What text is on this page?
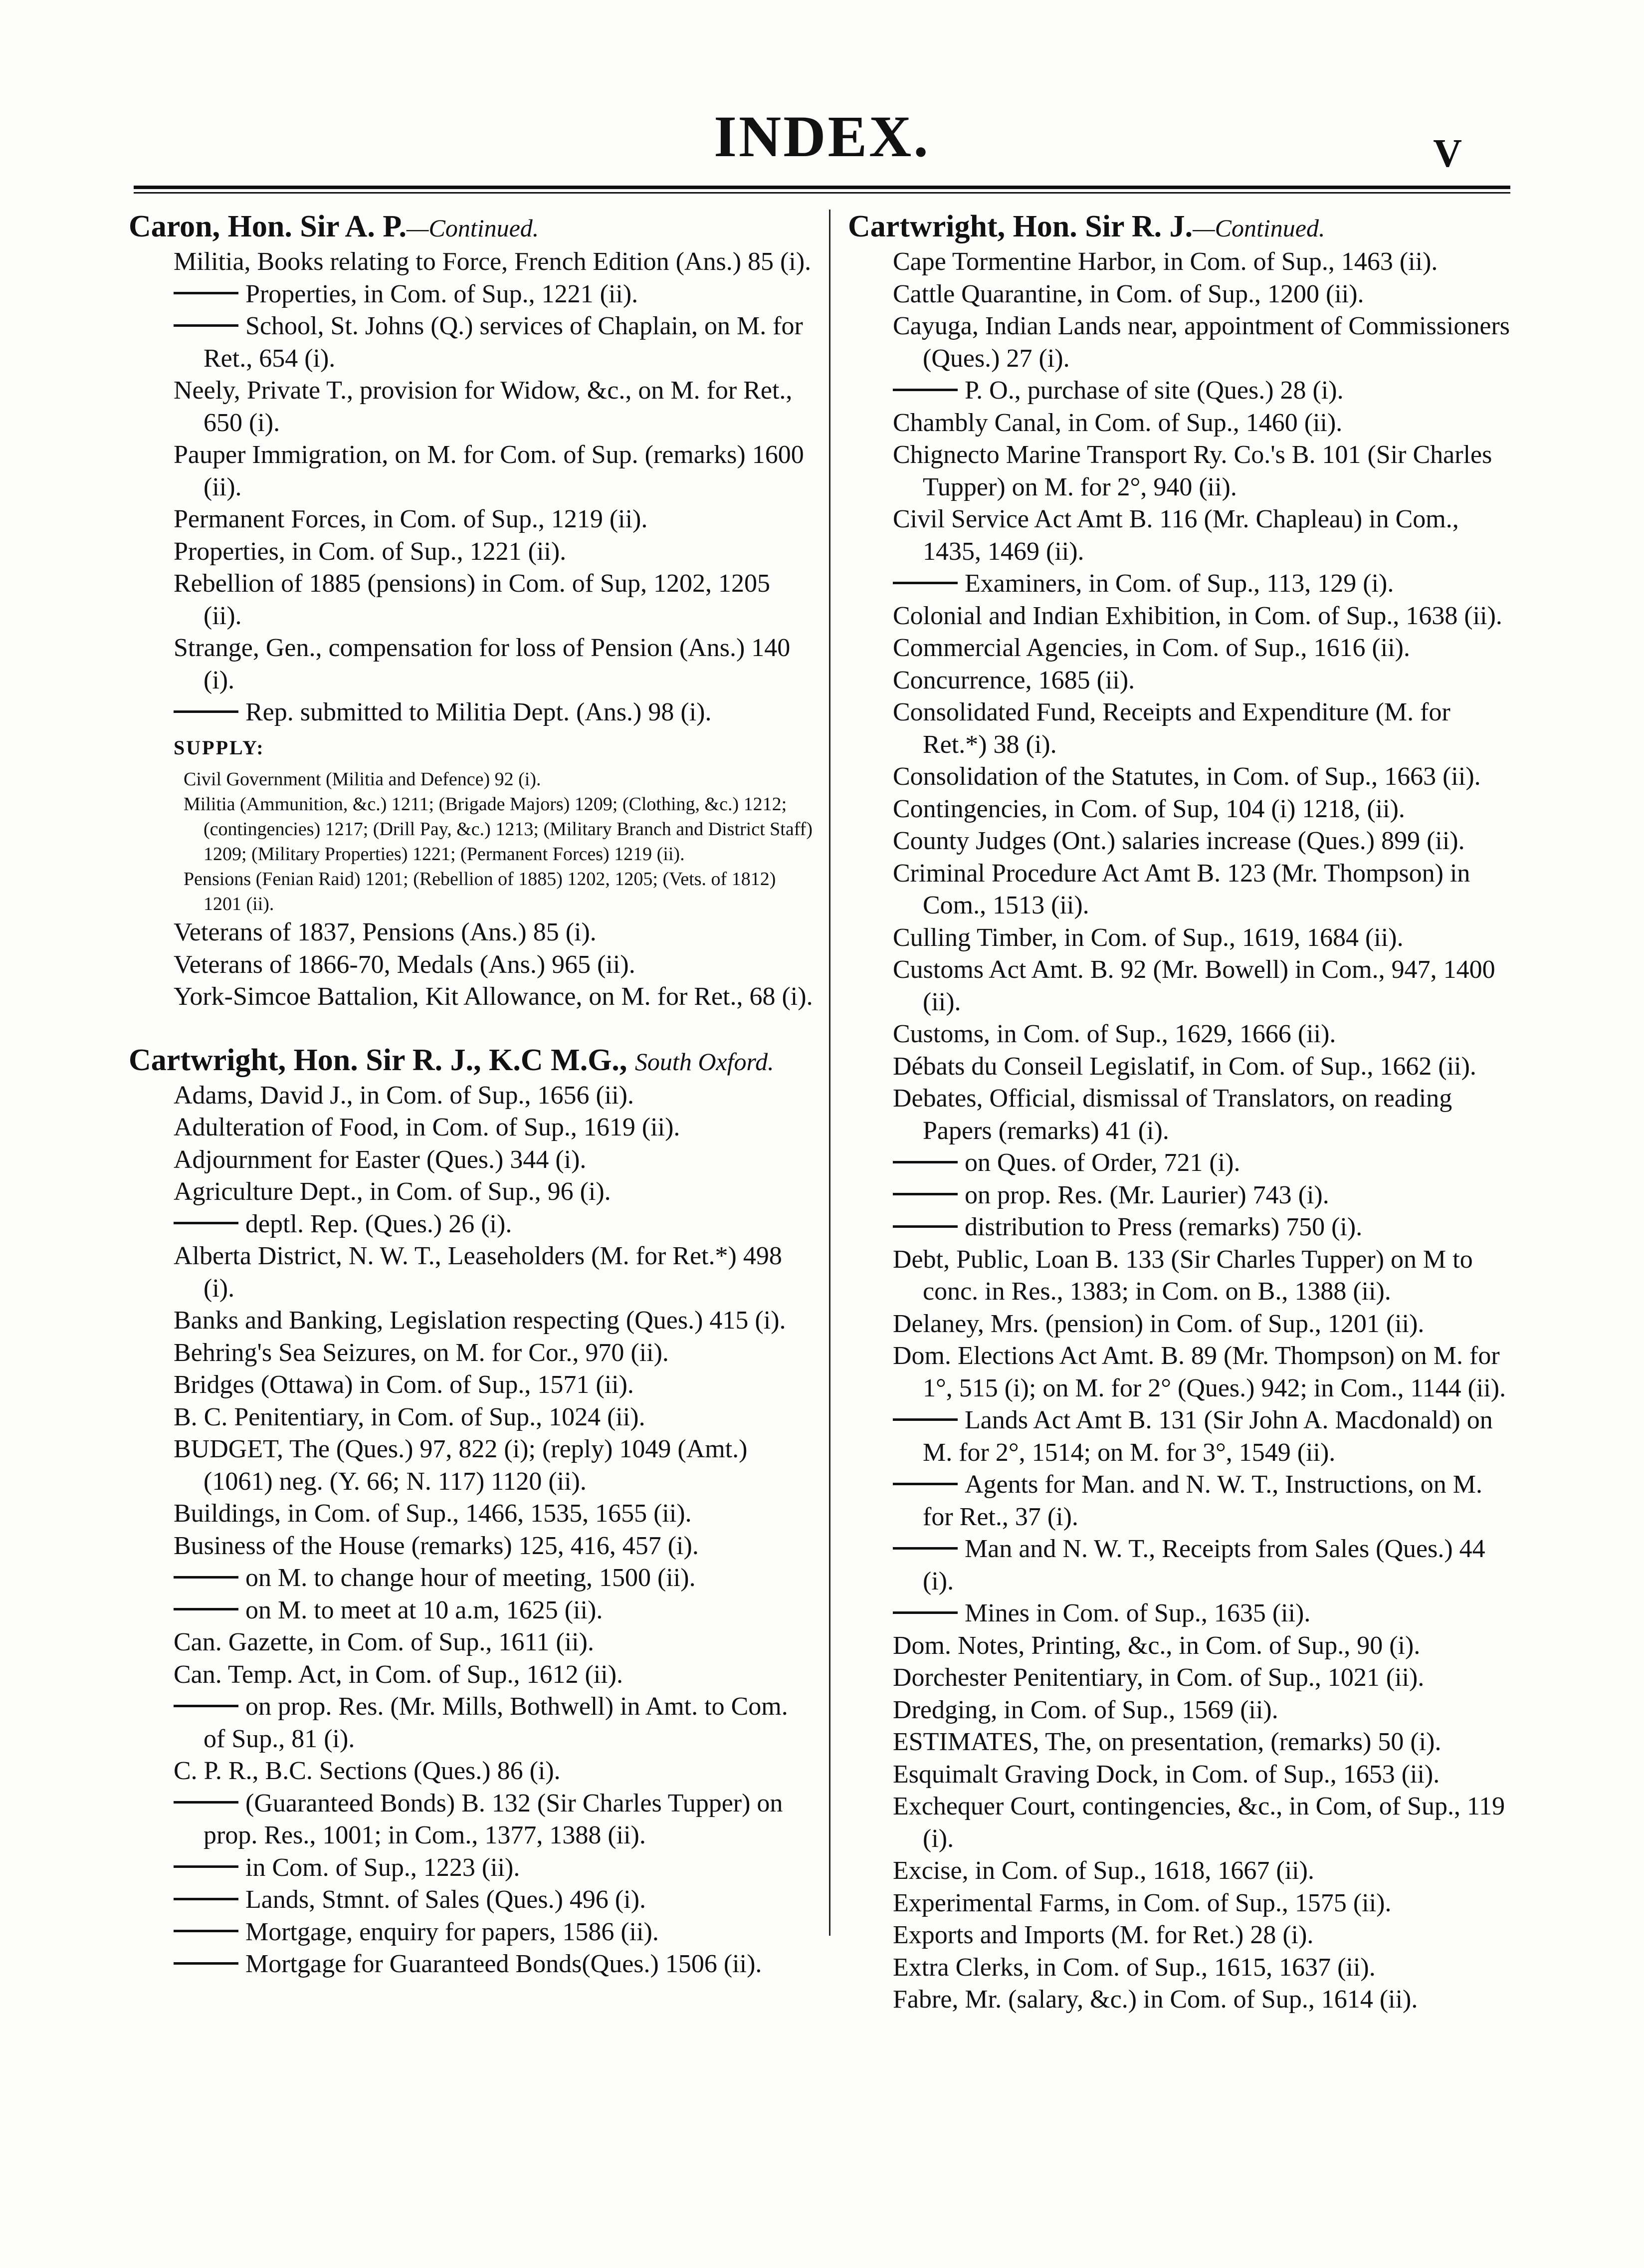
INDEX.	V

Caron, Hon. Sir A. P.—Continued.

Militia, Books relating to Force, French Edition (Ans.) 85 (i).

Properties, in Com. of Sup., 1221 (ii).

School, St. Johns (Q.) services of Chaplain, on M. for Ret., 654 (i).

Neely, Private T., provision for Widow, &c., on M. for Ret., 650 (i).

Pauper Immigration, on M. for Com. of Sup. (remarks) 1600 (ii).

Permanent Forces, in Com. of Sup., 1219 (ii).

Properties, in Com. of Sup., 1221 (ii).

Rebellion of 1885 (pensions) in Com. of Sup, 1202, 1205 (ii).

Strange, Gen., compensation for loss of Pension (Ans.) 140 (i).

Rep. submitted to Militia Dept. (Ans.) 98 (i).

SUPPLY:

Civil Government (Militia and Defence) 92 (i).

Militia (Ammunition, &c.) 1211; (Brigade Majors) 1209; (Clothing, &c.) 1212; (contingencies) 1217; (Drill Pay, &c.) 1213; (Military Branch and District Staff) 1209; (Military Properties) 1221; (Permanent Forces) 1219 (ii).

Pensions (Fenian Raid) 1201; (Rebellion of 1885) 1202, 1205; (Vets. of 1812) 1201 (ii).

Veterans of 1837, Pensions (Ans.) 85 (i).

Veterans of 1866-70, Medals (Ans.) 965 (ii).

York-Simcoe Battalion, Kit Allowance, on M. for Ret., 68 (i).

Cartwright, Hon. Sir R. J., K.C M.G., South Oxford.

Adams, David J., in Com. of Sup., 1656 (ii).

Adulteration of Food, in Com. of Sup., 1619 (ii).

Adjournment for Easter (Ques.) 344 (i).

Agriculture Dept., in Com. of Sup., 96 (i).

deptl. Rep. (Ques.) 26 (i).

Alberta District, N. W. T., Leaseholders (M. for Ret.*) 498 (i).

Banks and Banking, Legislation respecting (Ques.) 415 (i).

Behring's Sea Seizures, on M. for Cor., 970 (ii).

Bridges (Ottawa) in Com. of Sup., 1571 (ii).

B. C. Penitentiary, in Com. of Sup., 1024 (ii).

BUDGET, The (Ques.) 97, 822 (i); (reply) 1049 (Amt.) (1061) neg. (Y. 66; N. 117) 1120 (ii).

Buildings, in Com. of Sup., 1466, 1535, 1655 (ii).

Business of the House (remarks) 125, 416, 457 (i).

on M. to change hour of meeting, 1500 (ii).

on M. to meet at 10 a.m, 1625 (ii).

Can. Gazette, in Com. of Sup., 1611 (ii).

Can. Temp. Act, in Com. of Sup., 1612 (ii).

on prop. Res. (Mr. Mills, Bothwell) in Amt. to Com. of Sup., 81 (i).

C. P. R., B.C. Sections (Ques.) 86 (i).

(Guaranteed Bonds) B. 132 (Sir Charles Tupper) on prop. Res., 1001; in Com., 1377, 1388 (ii).

in Com. of Sup., 1223 (ii).

Lands, Stmnt. of Sales (Ques.) 496 (i).

Mortgage, enquiry for papers, 1586 (ii).

Mortgage for Guaranteed Bonds(Ques.) 1506 (ii).

Cartwright, Hon. Sir R. J.—Continued.

Cape Tormentine Harbor, in Com. of Sup., 1463 (ii).

Cattle Quarantine, in Com. of Sup., 1200 (ii).

Cayuga, Indian Lands near, appointment of Commissioners (Ques.) 27 (i).

P. O., purchase of site (Ques.) 28 (i).

Chambly Canal, in Com. of Sup., 1460 (ii).

Chignecto Marine Transport Ry. Co.'s B. 101 (Sir Charles Tupper) on M. for 2°, 940 (ii).

Civil Service Act Amt B. 116 (Mr. Chapleau) in Com., 1435, 1469 (ii).

Examiners, in Com. of Sup., 113, 129 (i).

Colonial and Indian Exhibition, in Com. of Sup., 1638 (ii).

Commercial Agencies, in Com. of Sup., 1616 (ii).

Concurrence, 1685 (ii).

Consolidated Fund, Receipts and Expenditure (M. for Ret.*) 38 (i).

Consolidation of the Statutes, in Com. of Sup., 1663 (ii).

Contingencies, in Com. of Sup, 104 (i) 1218, (ii).

County Judges (Ont.) salaries increase (Ques.) 899 (ii).

Criminal Procedure Act Amt B. 123 (Mr. Thompson) in Com., 1513 (ii).

Culling Timber, in Com. of Sup., 1619, 1684 (ii).

Customs Act Amt. B. 92 (Mr. Bowell) in Com., 947, 1400 (ii).

Customs, in Com. of Sup., 1629, 1666 (ii).

Débats du Conseil Legislatif, in Com. of Sup., 1662 (ii).

Debates, Official, dismissal of Translators, on reading Papers (remarks) 41 (i).

on Ques. of Order, 721 (i).

on prop. Res. (Mr. Laurier) 743 (i).

distribution to Press (remarks) 750 (i).

Debt, Public, Loan B. 133 (Sir Charles Tupper) on M to conc. in Res., 1383; in Com. on B., 1388 (ii).

Delaney, Mrs. (pension) in Com. of Sup., 1201 (ii).

Dom. Elections Act Amt. B. 89 (Mr. Thompson) on M. for 1°, 515 (i); on M. for 2° (Ques.) 942; in Com., 1144 (ii).

Lands Act Amt B. 131 (Sir John A. Macdonald) on M. for 2°, 1514; on M. for 3°, 1549 (ii).

Agents for Man. and N. W. T., Instructions, on M. for Ret., 37 (i).

Man and N. W. T., Receipts from Sales (Ques.) 44 (i).

Mines in Com. of Sup., 1635 (ii).

Dom. Notes, Printing, &c., in Com. of Sup., 90 (i).

Dorchester Penitentiary, in Com. of Sup., 1021 (ii).

Dredging, in Com. of Sup., 1569 (ii).

ESTIMATES, The, on presentation, (remarks) 50 (i).

Esquimalt Graving Dock, in Com. of Sup., 1653 (ii).

Exchequer Court, contingencies, &c., in Com, of Sup., 119 (i).

Excise, in Com. of Sup., 1618, 1667 (ii).

Experimental Farms, in Com. of Sup., 1575 (ii).

Exports and Imports (M. for Ret.) 28 (i).

Extra Clerks, in Com. of Sup., 1615, 1637 (ii).

Fabre, Mr. (salary, &c.) in Com. of Sup., 1614 (ii).
